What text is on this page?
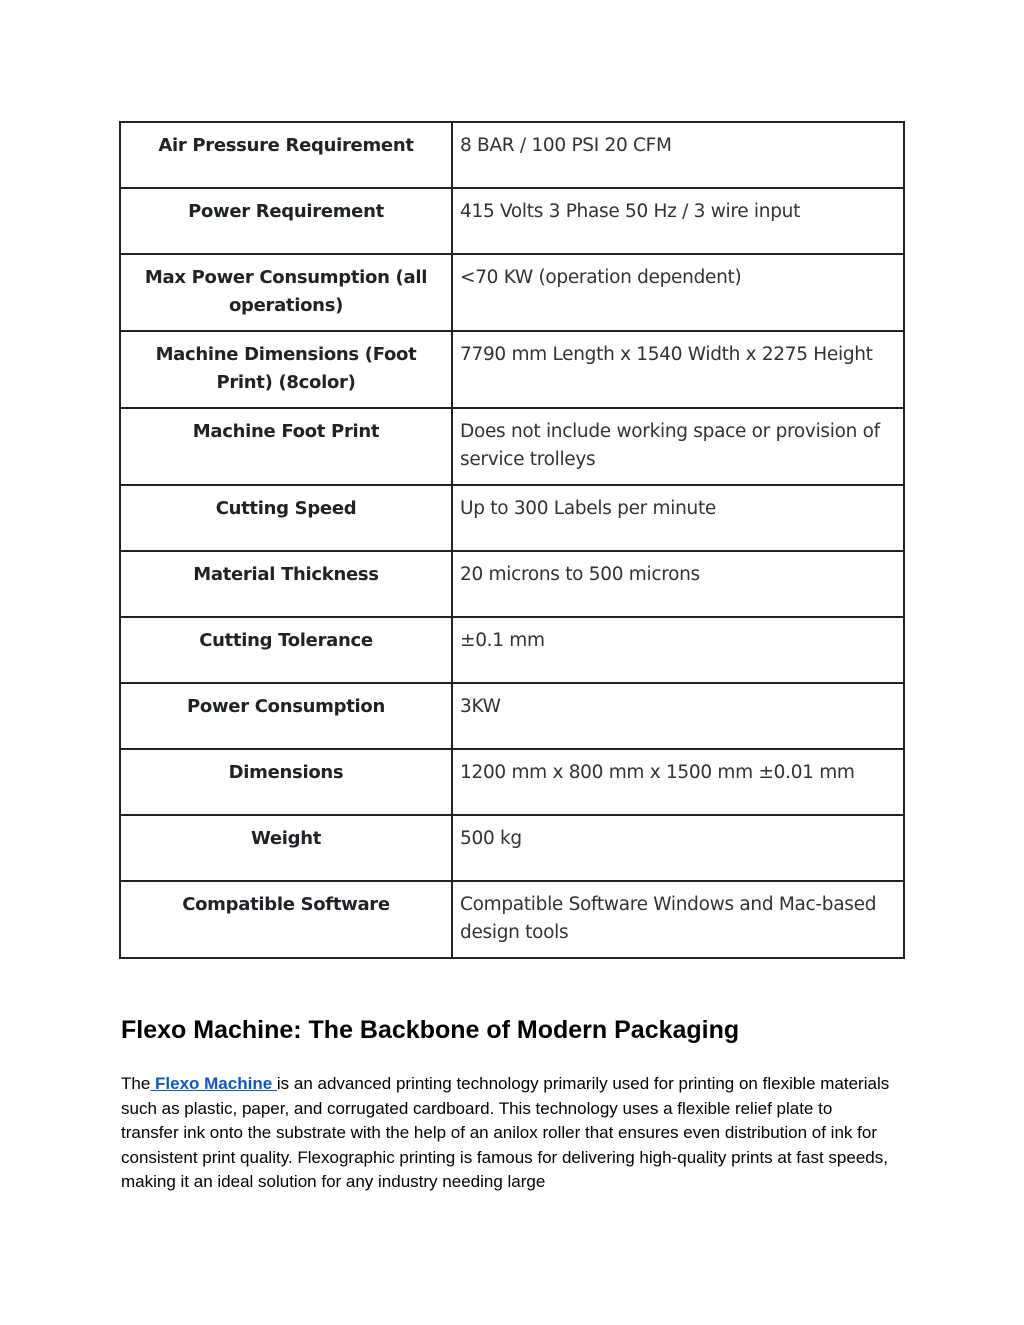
Air Pressure Requirement	8 BAR / 100 PSI 20 CFM
Power Requirement	415 Volts 3 Phase 50 Hz / 3 wire input
Max Power Consumption (all operations)	<70 KW (operation dependent)
Machine Dimensions (Foot Print) (8color)	7790 mm Length x 1540 Width x 2275 Height
Machine Foot Print	Does not include working space or provision of service trolleys
Cutting Speed	Up to 300 Labels per minute
Material Thickness	20 microns to 500 microns
Cutting Tolerance	±0.1 mm
Power Consumption	3KW
Dimensions	1200 mm x 800 mm x 1500 mm ±0.01 mm
Weight	500 kg
Compatible Software	Compatible Software Windows and Mac-based design tools
Flexo Machine: The Backbone of Modern Packaging

The Flexo Machine is an advanced printing technology primarily used for printing on flexible materials such as plastic, paper, and corrugated cardboard. This technology uses a flexible relief plate to transfer ink onto the substrate with the help of an anilox roller that ensures even distribution of ink for consistent print quality. Flexographic printing is famous for delivering high-quality prints at fast speeds, making it an ideal solution for any industry needing large
